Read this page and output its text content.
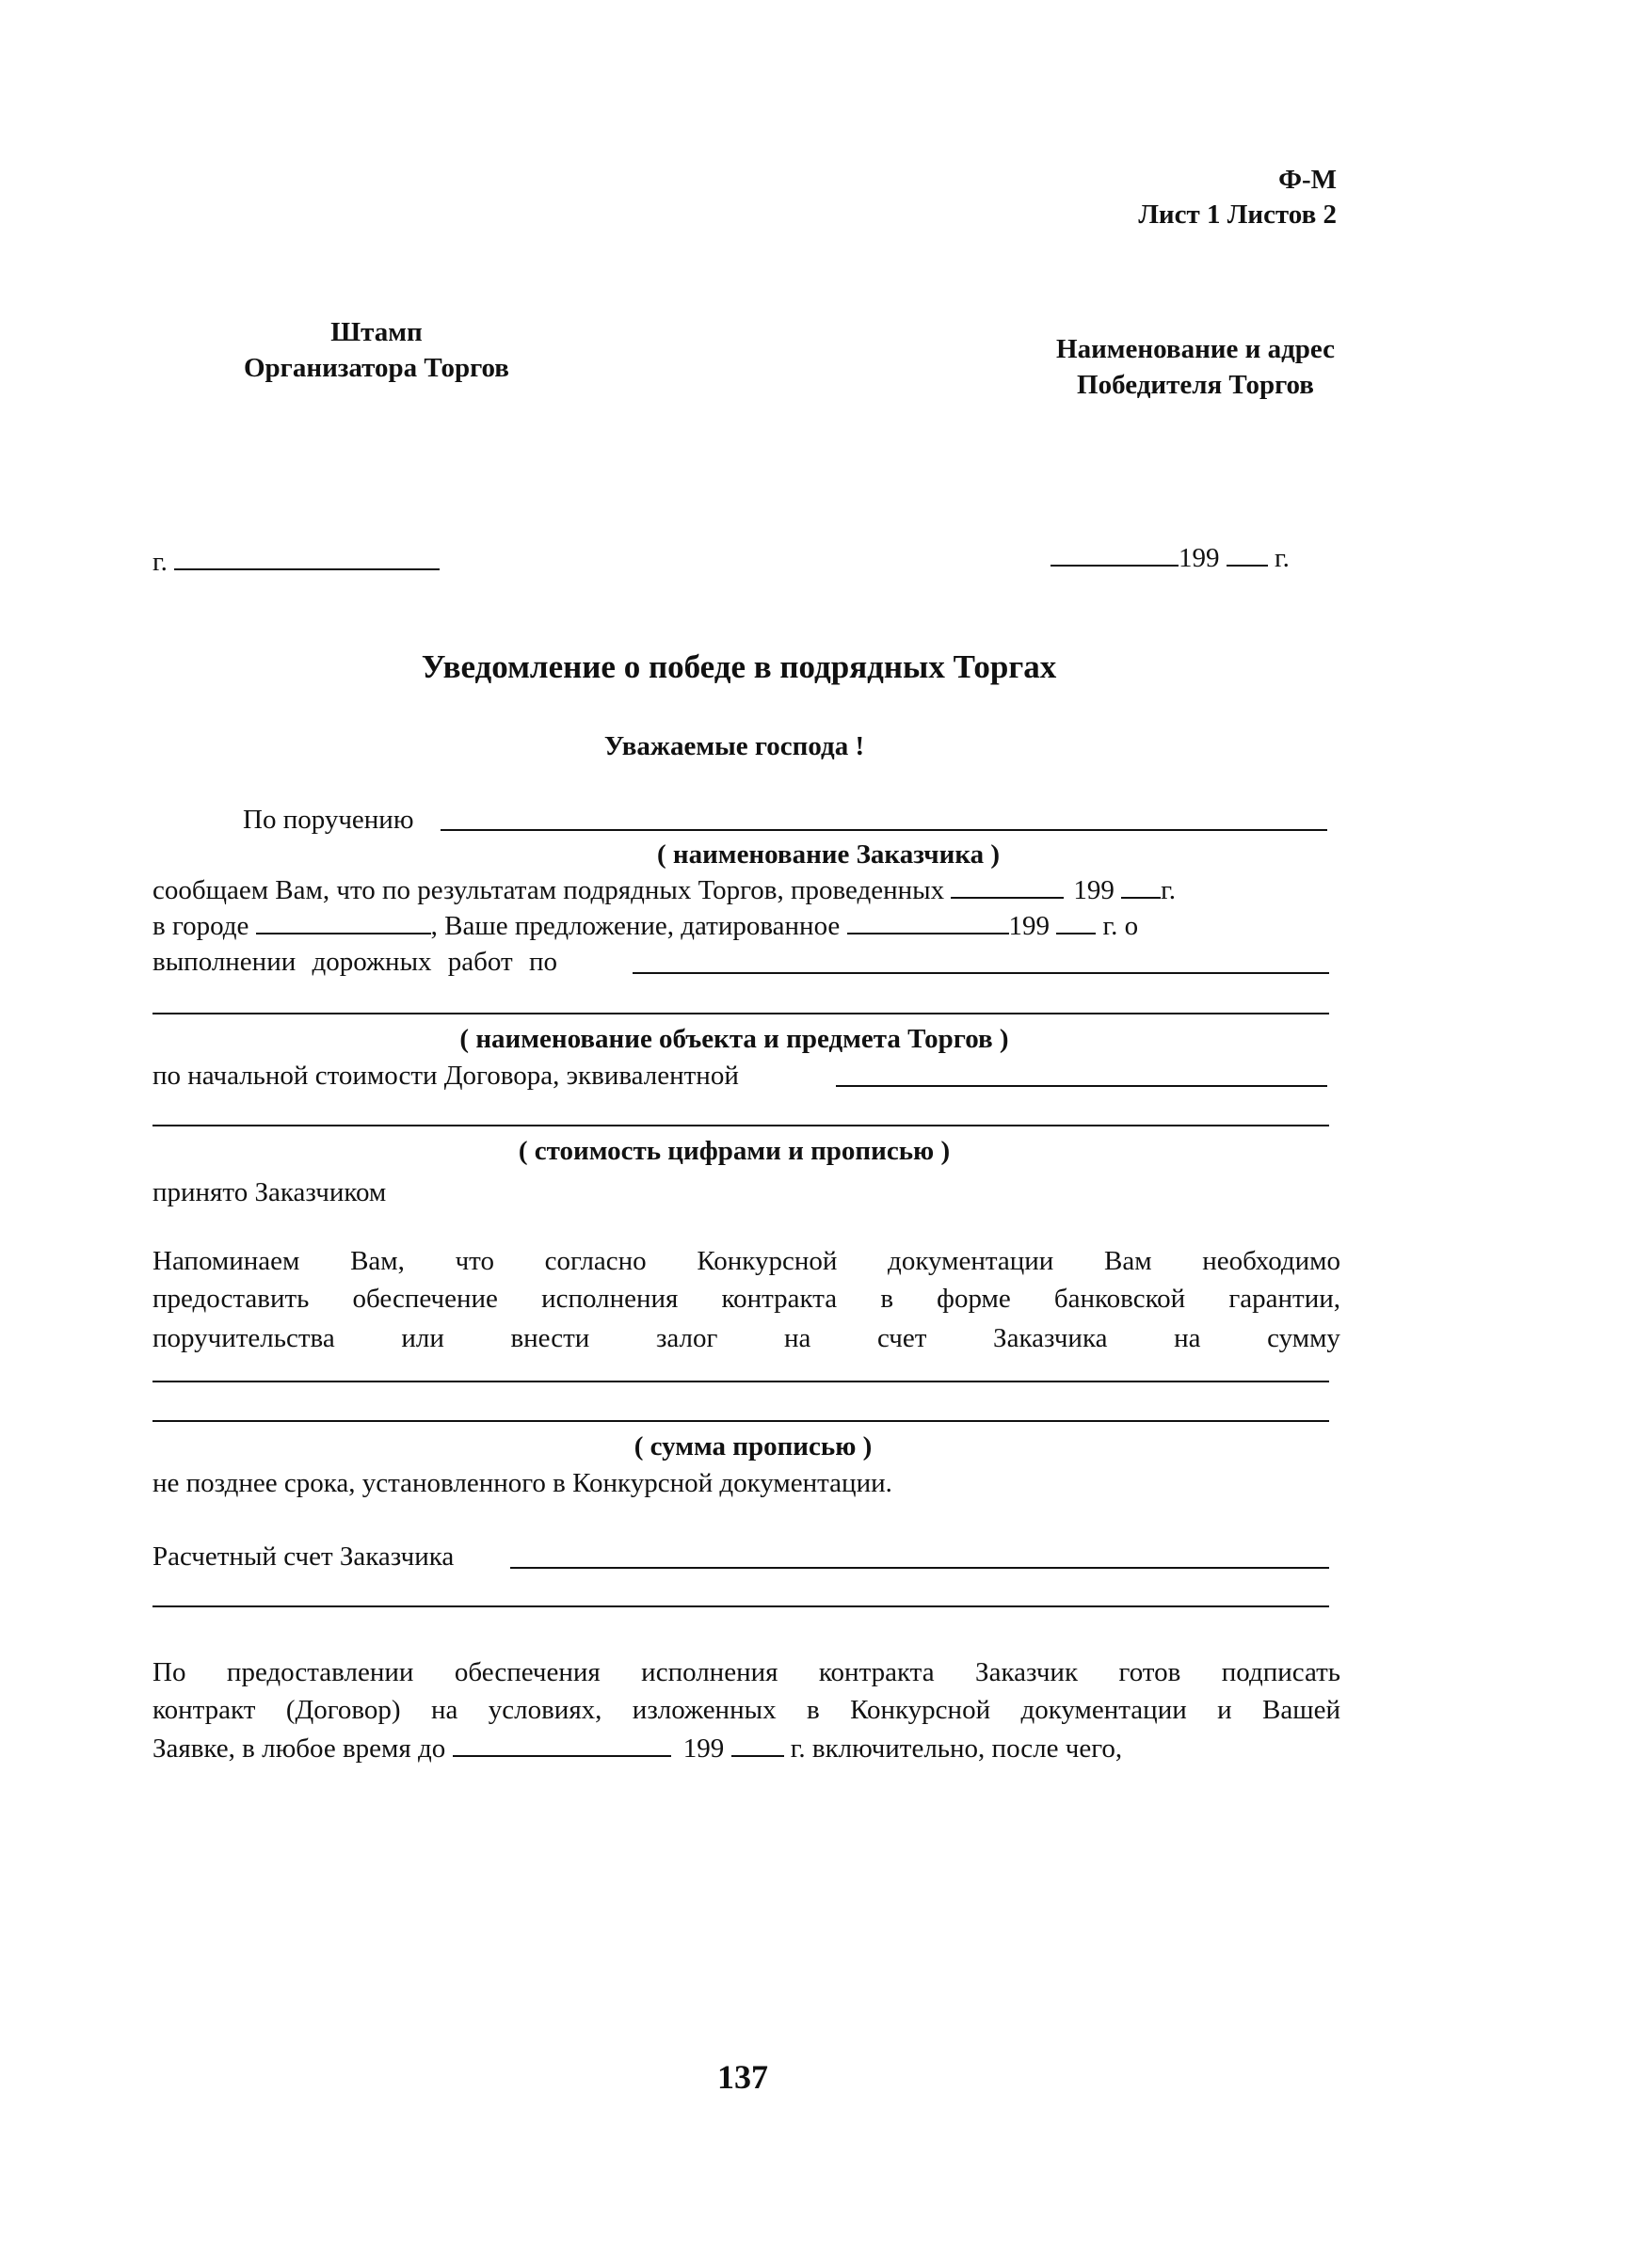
Ф-М
Лист 1 Листов 2
Штамп
Организатора Торгов
Наименование и адрес
Победителя Торгов
г.	199 г.
Уведомление о победе в подрядных Торгах
Уважаемые господа !
По поручению
( наименование Заказчика )
сообщаем Вам, что по результатам подрядных Торгов, проведенных	199 г.
в городе	, Ваше предложение, датированное	199 г. о
выполнении дорожных работ по
( наименование объекта и предмета Торгов )
по начальной стоимости Договора, эквивалентной
( стоимость цифрами и прописью )
принято Заказчиком
Напоминаем Вам, что согласно Конкурсной документации Вам необходимо
предоставить обеспечение исполнения контракта в форме банковской гарантии,
поручительства или внести залог на счет Заказчика на сумму
( сумма прописью )
не позднее срока, установленного в Конкурсной документации.
Расчетный счет Заказчика
По предоставлении обеспечения исполнения контракта Заказчик готов подписать
контракт (Договор) на условиях, изложенных в Конкурсной документации и Вашей
Заявке, в любое время до	199 г. включительно, после чего,
137
